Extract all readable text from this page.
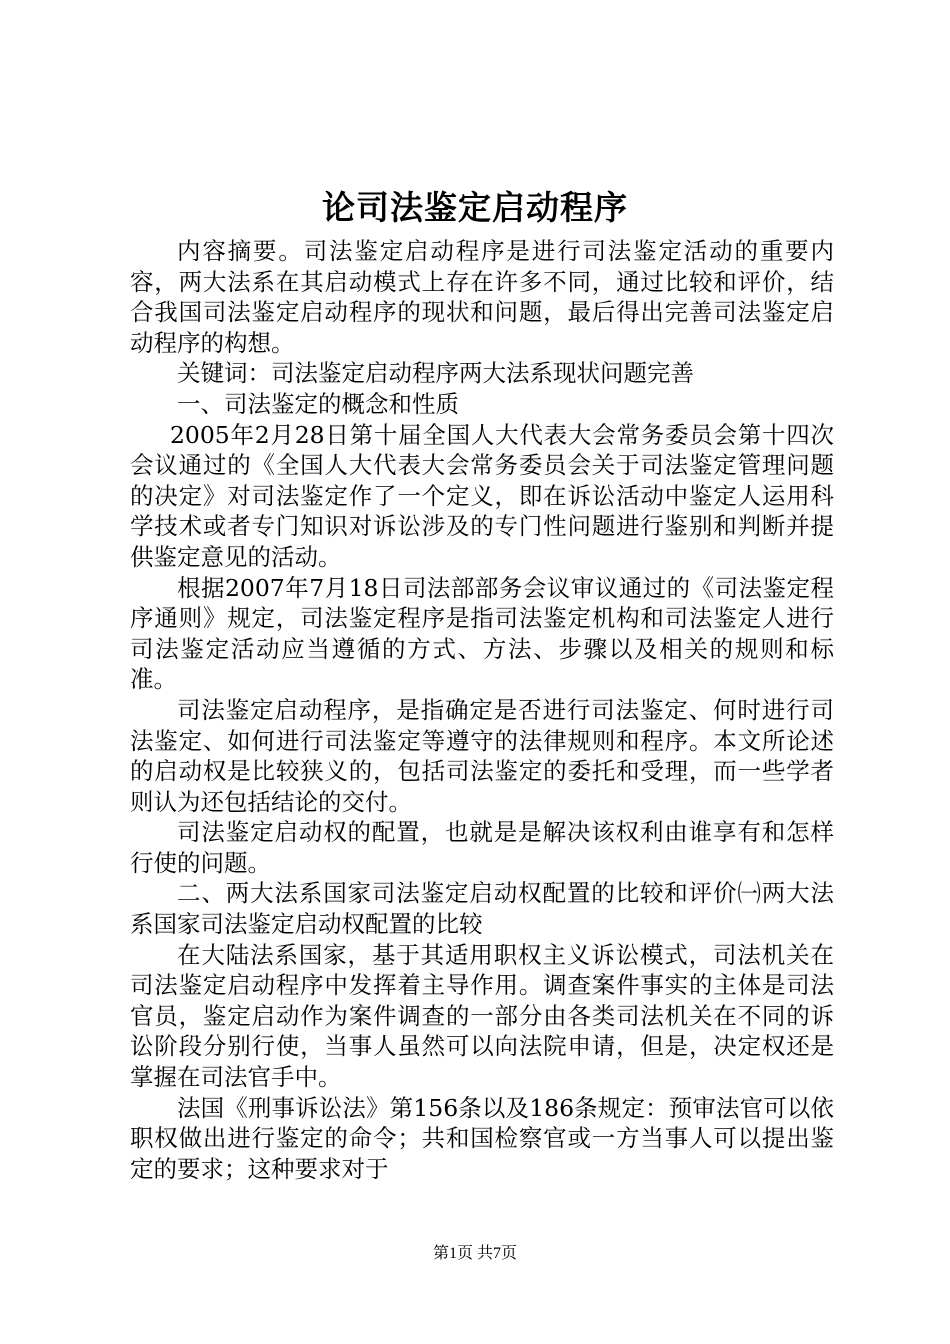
论司法鉴定启动程序

内容摘要。司法鉴定启动程序是进行司法鉴定活动的重要内容，两大法系在其启动模式上存在许多不同，通过比较和评价，结合我国司法鉴定启动程序的现状和问题，最后得出完善司法鉴定启动程序的构想。

关键词：司法鉴定启动程序两大法系现状问题完善

一、司法鉴定的概念和性质

2005年2月28日第十届全国人大代表大会常务委员会第十四次会议通过的《全国人大代表大会常务委员会关于司法鉴定管理问题的决定》对司法鉴定作了一个定义，即在诉讼活动中鉴定人运用科学技术或者专门知识对诉讼涉及的专门性问题进行鉴别和判断并提供鉴定意见的活动。

根据2007年7月18日司法部部务会议审议通过的《司法鉴定程序通则》规定，司法鉴定程序是指司法鉴定机构和司法鉴定人进行司法鉴定活动应当遵循的方式、方法、步骤以及相关的规则和标准。

司法鉴定启动程序，是指确定是否进行司法鉴定、何时进行司法鉴定、如何进行司法鉴定等遵守的法律规则和程序。本文所论述的启动权是比较狭义的，包括司法鉴定的委托和受理，而一些学者则认为还包括结论的交付。

司法鉴定启动权的配置，也就是是解决该权利由谁享有和怎样行使的问题。

二、两大法系国家司法鉴定启动权配置的比较和评价㈠两大法系国家司法鉴定启动权配置的比较

在大陆法系国家，基于其适用职权主义诉讼模式，司法机关在司法鉴定启动程序中发挥着主导作用。调查案件事实的主体是司法官员，鉴定启动作为案件调查的一部分由各类司法机关在不同的诉讼阶段分别行使，当事人虽然可以向法院申请，但是，决定权还是掌握在司法官手中。

法国《刑事诉讼法》第156条以及186条规定：预审法官可以依职权做出进行鉴定的命令；共和国检察官或一方当事人可以提出鉴定的要求；这种要求对于

第1页 共7页
